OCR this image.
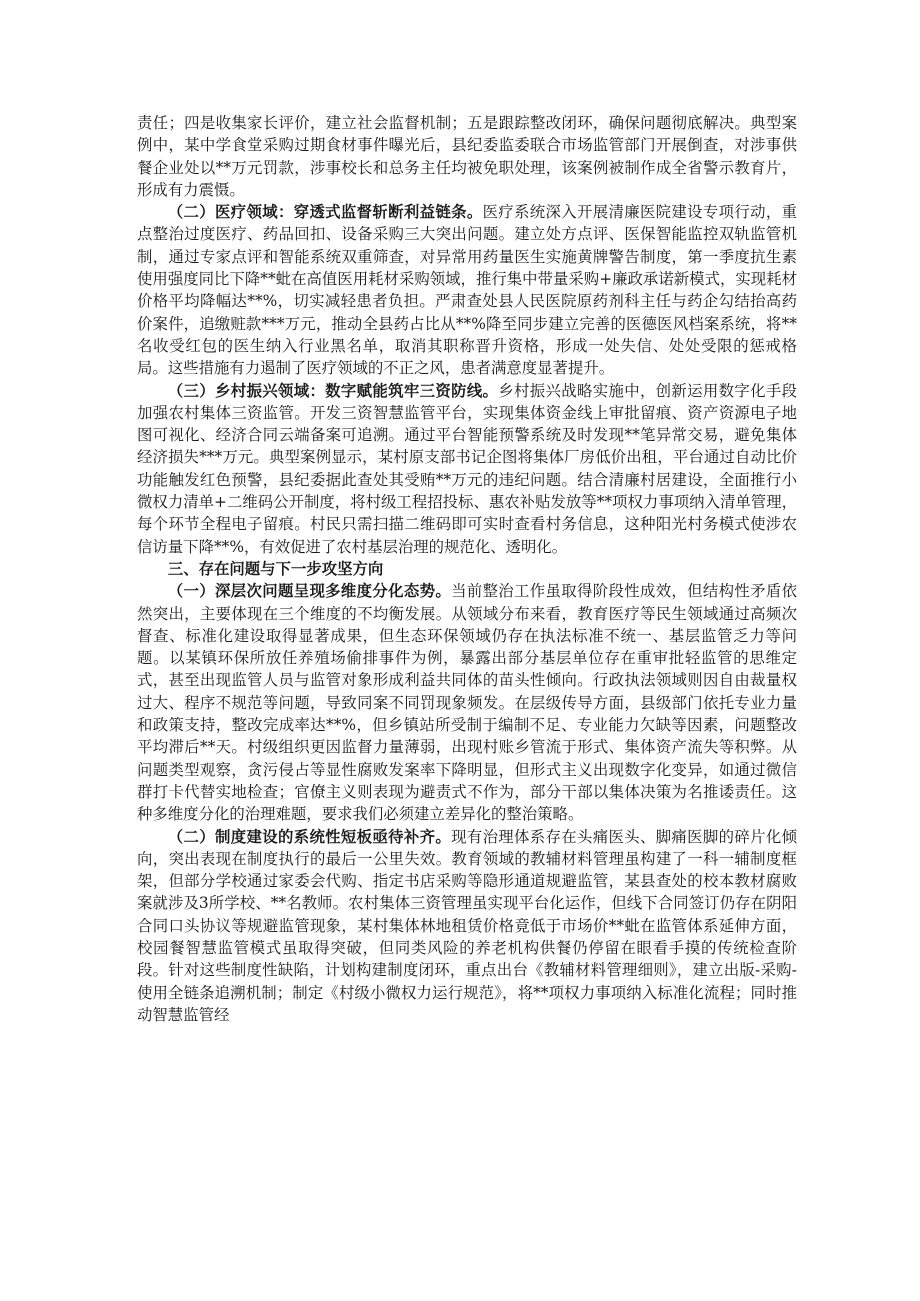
责任；四是收集家长评价，建立社会监督机制；五是跟踪整改闭环，确保问题彻底解决。典型案例中，某中学食堂采购过期食材事件曝光后，县纪委监委联合市场监管部门开展倒查，对涉事供餐企业处以**万元罚款，涉事校长和总务主任均被免职处理，该案例被制作成全省警示教育片，形成有力震慑。

（二）医疗领域：穿透式监督斩断利益链条。医疗系统深入开展清廉医院建设专项行动，重点整治过度医疗、药品回扣、设备采购三大突出问题。建立处方点评、医保智能监控双轨监管机制，通过专家点评和智能系统双重筛查，对异常用药量医生实施黄牌警告制度，第一季度抗生素使用强度同比下降**蚍在高值医用耗材采购领域，推行集中带量采购+廉政承诺新模式，实现耗材价格平均降幅达**%，切实减轻患者负担。严肃查处县人民医院原药剂科主任与药企勾结抬高药价案件，追缴赃款***万元，推动全县药占比从**%降至同步建立完善的医德医风档案系统，将**名收受红包的医生纳入行业黑名单，取消其职称晋升资格，形成一处失信、处处受限的惩戒格局。这些措施有力遏制了医疗领域的不正之风，患者满意度显著提升。

（三）乡村振兴领域：数字赋能筑牢三资防线。乡村振兴战略实施中，创新运用数字化手段加强农村集体三资监管。开发三资智慧监管平台，实现集体资金线上审批留痕、资产资源电子地图可视化、经济合同云端备案可追溯。通过平台智能预警系统及时发现**笔异常交易，避免集体经济损失***万元。典型案例显示，某村原支部书记企图将集体厂房低价出租，平台通过自动比价功能触发红色预警，县纪委据此查处其受贿**万元的违纪问题。结合清廉村居建设，全面推行小微权力清单+二维码公开制度，将村级工程招投标、惠农补贴发放等**项权力事项纳入清单管理，每个环节全程电子留痕。村民只需扫描二维码即可实时查看村务信息，这种阳光村务模式使涉农信访量下降**%，有效促进了农村基层治理的规范化、透明化。

三、存在问题与下一步攻坚方向

（一）深层次问题呈现多维度分化态势。当前整治工作虽取得阶段性成效，但结构性矛盾依然突出，主要体现在三个维度的不均衡发展。从领域分布来看，教育医疗等民生领域通过高频次督查、标准化建设取得显著成果，但生态环保领域仍存在执法标准不统一、基层监管乏力等问题。以某镇环保所放任养殖场偷排事件为例，暴露出部分基层单位存在重审批轻监管的思维定式，甚至出现监管人员与监管对象形成利益共同体的苗头性倾向。行政执法领域则因自由裁量权过大、程序不规范等问题，导致同案不同罚现象频发。在层级传导方面，县级部门依托专业力量和政策支持，整改完成率达**%，但乡镇站所受制于编制不足、专业能力欠缺等因素，问题整改平均滞后**天。村级组织更因监督力量薄弱，出现村账乡管流于形式、集体资产流失等积弊。从问题类型观察，贪污侵占等显性腐败发案率下降明显，但形式主义出现数字化变异，如通过微信群打卡代替实地检查；官僚主义则表现为避责式不作为，部分干部以集体决策为名推诿责任。这种多维度分化的治理难题，要求我们必须建立差异化的整治策略。

（二）制度建设的系统性短板亟待补齐。现有治理体系存在头痛医头、脚痛医脚的碎片化倾向，突出表现在制度执行的最后一公里失效。教育领域的教辅材料管理虽构建了一科一辅制度框架，但部分学校通过家委会代购、指定书店采购等隐形通道规避监管，某县查处的校本教材腐败案就涉及3所学校、**名教师。农村集体三资管理虽实现平台化运作，但线下合同签订仍存在阴阳合同口头协议等规避监管现象，某村集体林地租赁价格竟低于市场价**蚍在监管体系延伸方面，校园餐智慧监管模式虽取得突破，但同类风险的养老机构供餐仍停留在眼看手摸的传统检查阶段。针对这些制度性缺陷，计划构建制度闭环，重点出台《教辅材料管理细则》，建立出版-采购-使用全链条追溯机制；制定《村级小微权力运行规范》，将**项权力事项纳入标准化流程；同时推动智慧监管经
